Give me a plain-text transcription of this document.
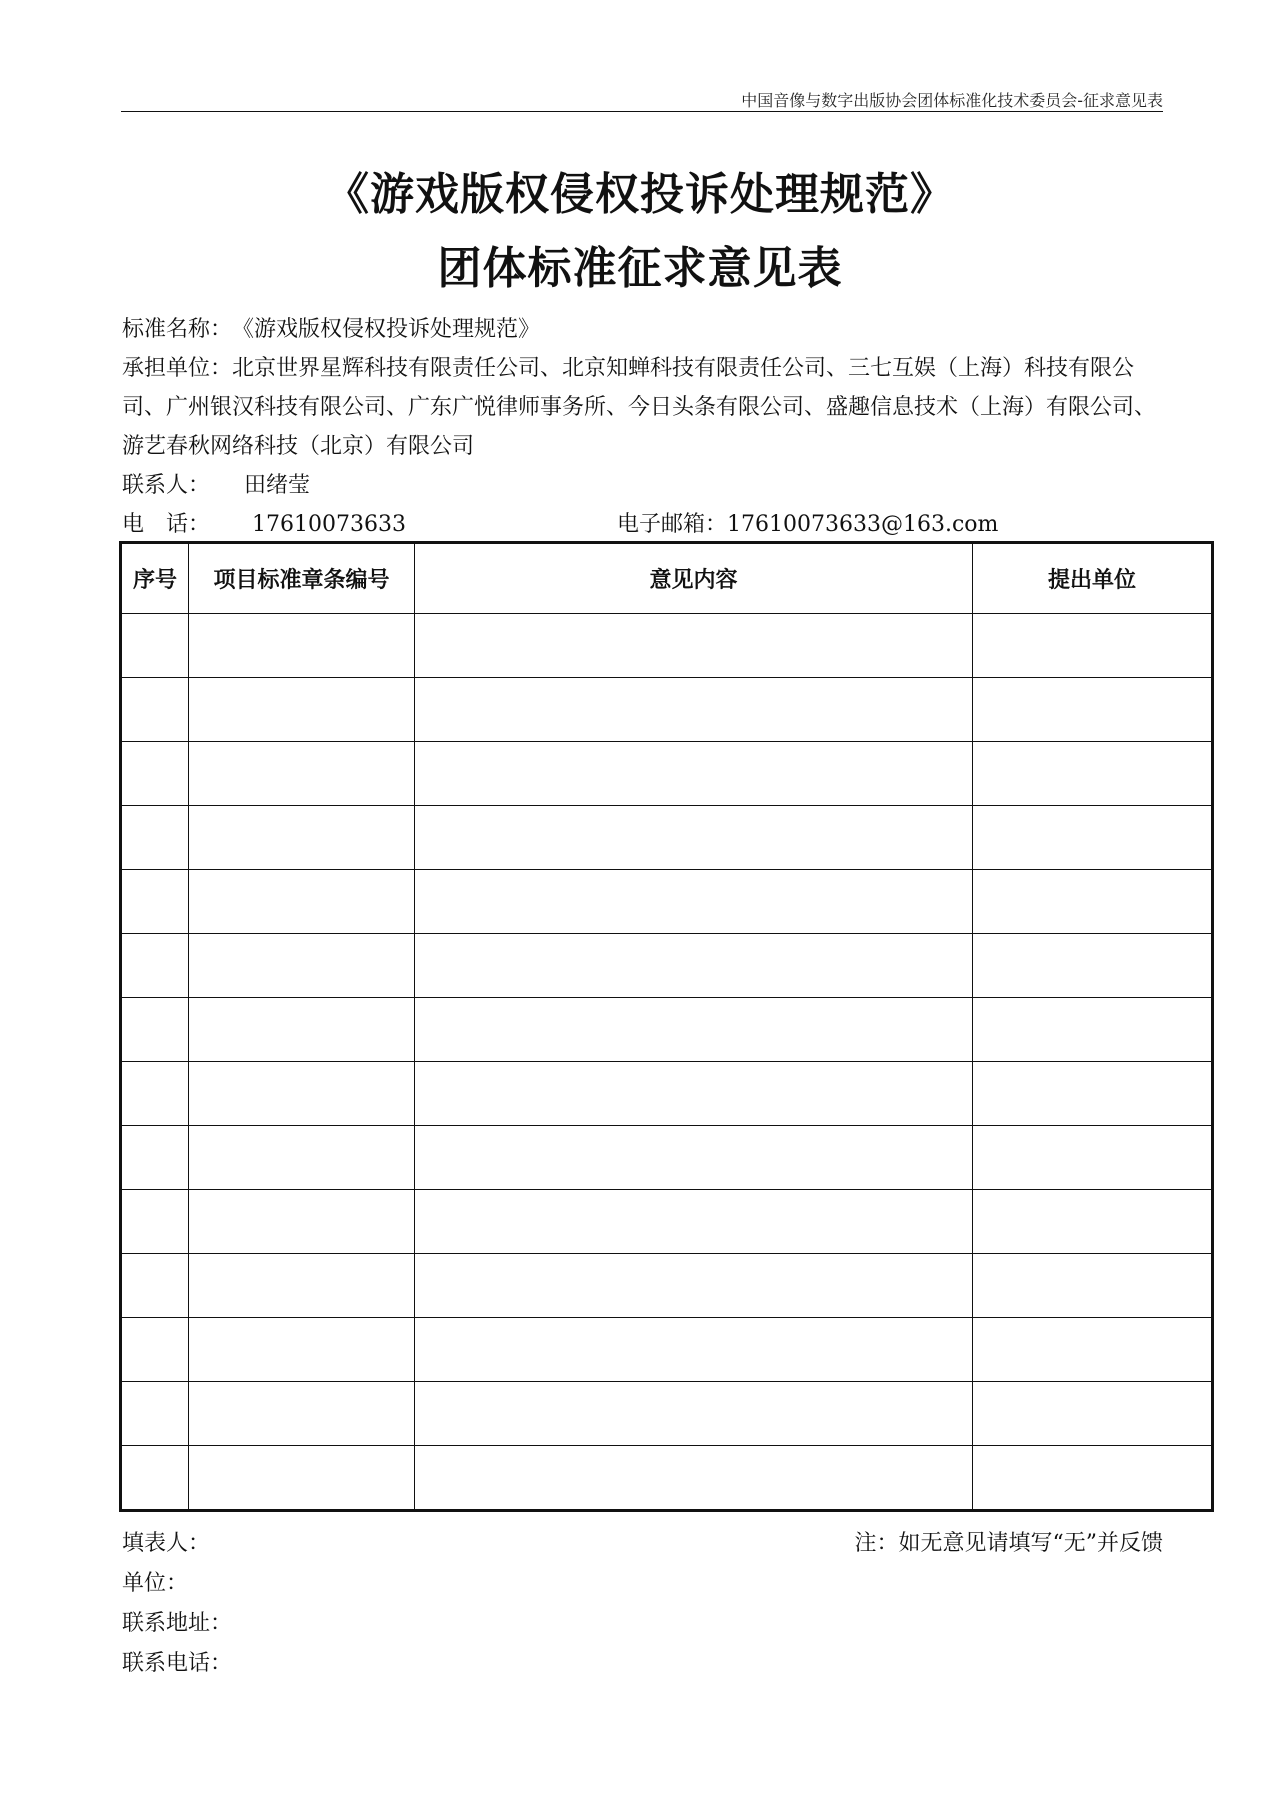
中国音像与数字出版协会团体标准化技术委员会-征求意见表
《游戏版权侵权投诉处理规范》
团体标准征求意见表
标准名称：《游戏版权侵权投诉处理规范》
承担单位：北京世界星辉科技有限责任公司、北京知蝉科技有限责任公司、三七互娱（上海）科技有限公司、广州银汉科技有限公司、广东广悦律师事务所、今日头条有限公司、盛趣信息技术（上海）有限公司、游艺春秋网络科技（北京）有限公司
联系人： 田绪莹
电　话： 17610073633	电子邮箱：17610073633@163.com
序号	项目标准章条编号	意见内容	提出单位

填表人：
单位：
联系地址：
联系电话：
注：如无意见请填写“无”并反馈
